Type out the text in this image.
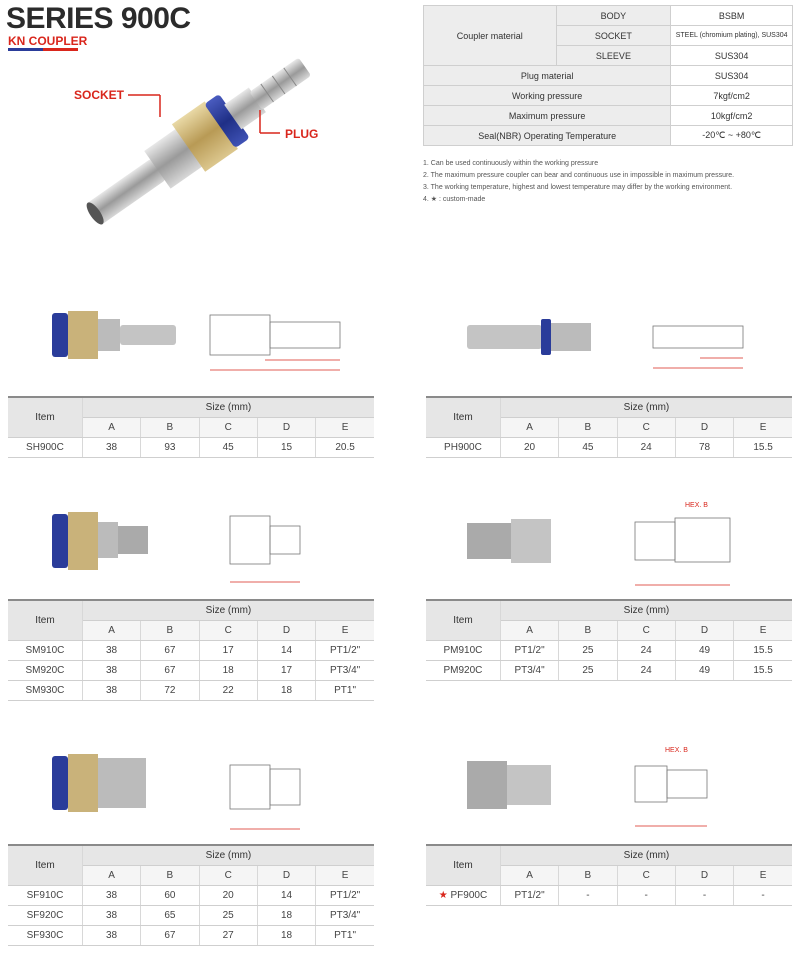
SERIES 900C
KN COUPLER
SOCKET
PLUG
Coupler material	BODY	BSBM
	SOCKET	STEEL (chromium plating), SUS304
	SLEEVE	SUS304
Plug material		SUS304
Working pressure		7kgf/cm2
Maximum pressure		10kgf/cm2
Seal(NBR) Operating Temperature		-20℃ ~ +80℃
1. Can be used continuously within the working pressure
2. The maximum pressure coupler can bear and continuous use in impossible in maximum pressure.
3. The working temperature, highest and lowest temperature may differ by the working environment.
4. ★ : custom-made
HEX. B
HEX. B
Item	Size (mm)				
	A	B	C	D	E
SH900C	38	93	45	15	20.5
Item	Size (mm)				
	A	B	C	D	E
PH900C	20	45	24	78	15.5
Item	Size (mm)				
	A	B	C	D	E
SM910C	38	67	17	14	PT1/2"
SM920C	38	67	18	17	PT3/4"
SM930C	38	72	22	18	PT1"
Item	Size (mm)				
	A	B	C	D	E
PM910C	PT1/2"	25	24	49	15.5
PM920C	PT3/4"	25	24	49	15.5
Item	Size (mm)				
	A	B	C	D	E
SF910C	38	60	20	14	PT1/2"
SF920C	38	65	25	18	PT3/4"
SF930C	38	67	27	18	PT1"
Item	Size (mm)				
	A	B	C	D	E
★ PF900C	PT1/2"	-	-	-	-
